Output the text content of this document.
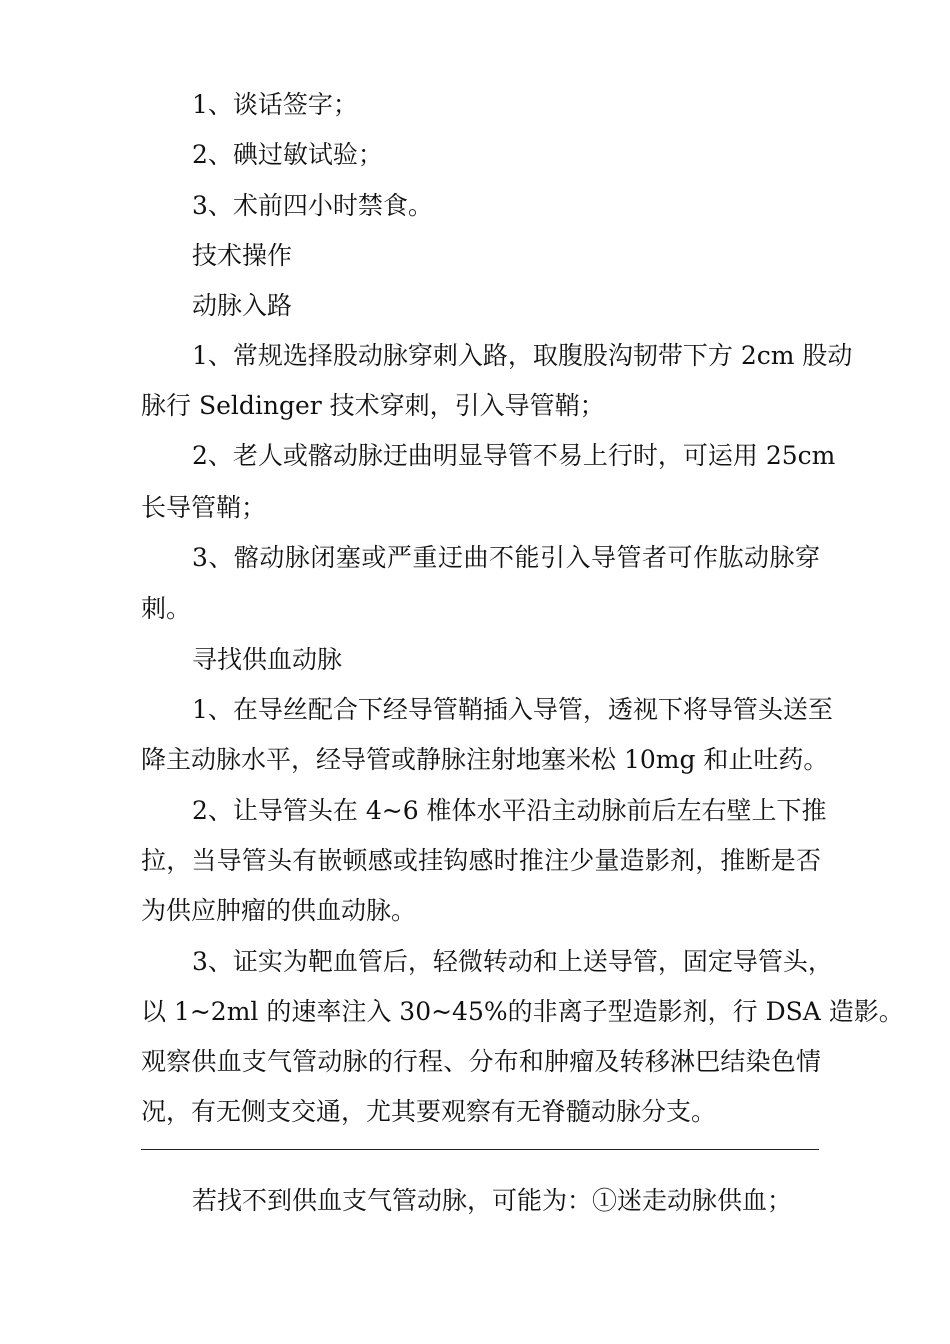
1、谈话签字；
2、碘过敏试验；
3、术前四小时禁食。
技术操作
动脉入路
1、常规选择股动脉穿刺入路，取腹股沟韧带下方 2cm 股动
脉行 Seldinger 技术穿刺，引入导管鞘；
2、老人或髂动脉迂曲明显导管不易上行时，可运用 25cm
长导管鞘；
3、髂动脉闭塞或严重迂曲不能引入导管者可作肱动脉穿
刺。
寻找供血动脉
1、在导丝配合下经导管鞘插入导管，透视下将导管头送至
降主动脉水平，经导管或静脉注射地塞米松 10mg 和止吐药。
2、让导管头在 4~6 椎体水平沿主动脉前后左右壁上下推
拉，当导管头有嵌顿感或挂钩感时推注少量造影剂，推断是否
为供应肿瘤的供血动脉。
3、证实为靶血管后，轻微转动和上送导管，固定导管头，
以 1~2ml 的速率注入 30~45%的非离子型造影剂，行 DSA 造影。
观察供血支气管动脉的行程、分布和肿瘤及转移淋巴结染色情
况，有无侧支交通，尤其要观察有无脊髓动脉分支。
若找不到供血支气管动脉，可能为：①迷走动脉供血；
